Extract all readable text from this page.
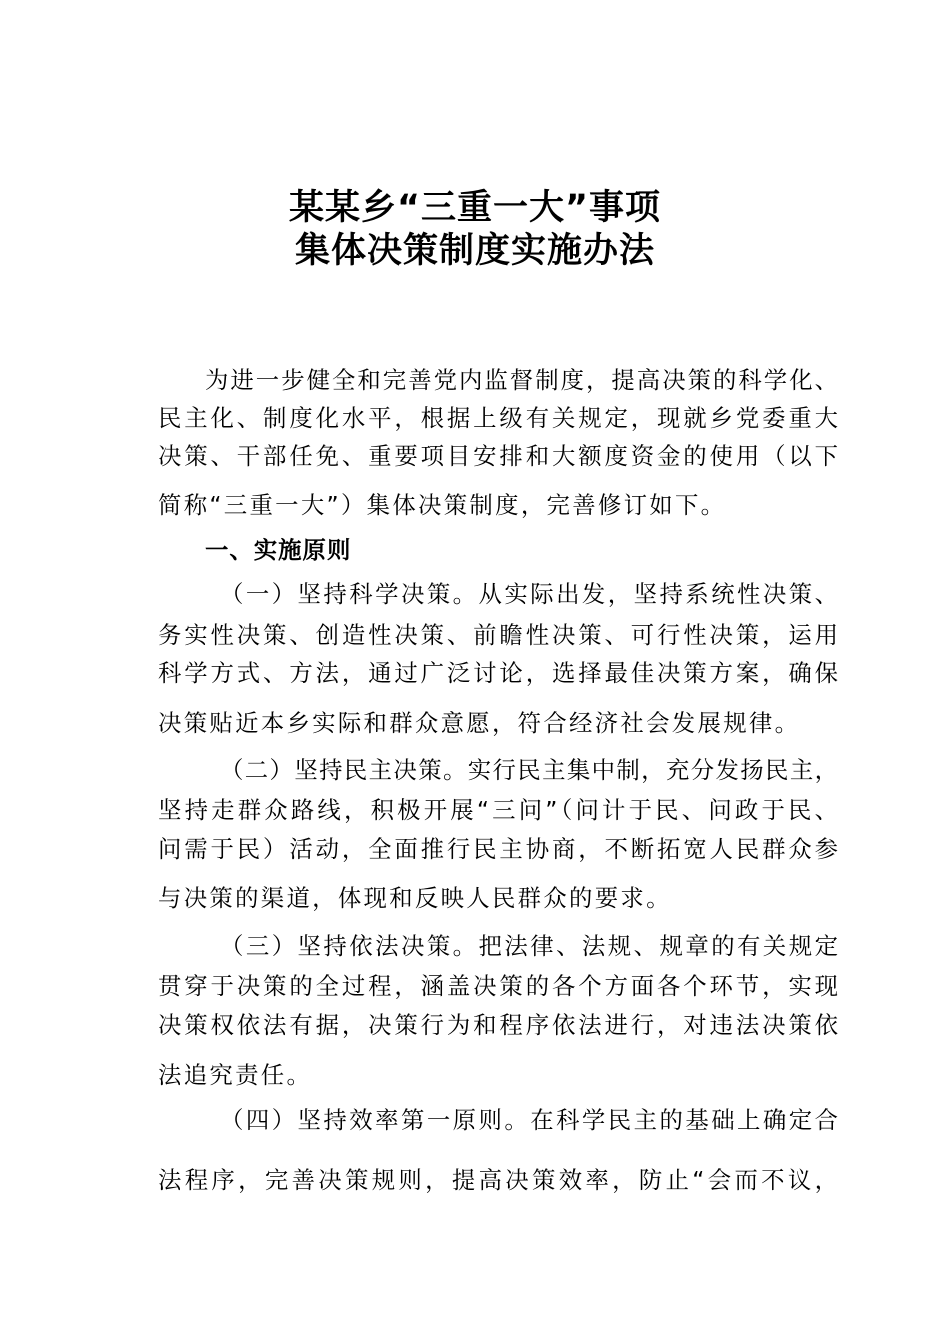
某某乡“三重一大”事项
集体决策制度实施办法

为进一步健全和完善党内监督制度，提高决策的科学化、

民主化、制度化水平，根据上级有关规定，现就乡党委重大

决策、干部任免、重要项目安排和大额度资金的使用（以下

简称“三重一大”）集体决策制度，完善修订如下。

一、实施原则

（一）坚持科学决策。从实际出发，坚持系统性决策、

务实性决策、创造性决策、前瞻性决策、可行性决策，运用

科学方式、方法，通过广泛讨论，选择最佳决策方案，确保

决策贴近本乡实际和群众意愿，符合经济社会发展规律。

（二）坚持民主决策。实行民主集中制，充分发扬民主，

坚持走群众路线，积极开展“三问”（问计于民、问政于民、

问需于民）活动，全面推行民主协商，不断拓宽人民群众参

与决策的渠道，体现和反映人民群众的要求。

（三）坚持依法决策。把法律、法规、规章的有关规定

贯穿于决策的全过程，涵盖决策的各个方面各个环节，实现

决策权依法有据，决策行为和程序依法进行，对违法决策依

法追究责任。

（四）坚持效率第一原则。在科学民主的基础上确定合

法程序，完善决策规则，提高决策效率，防止“会而不议，
